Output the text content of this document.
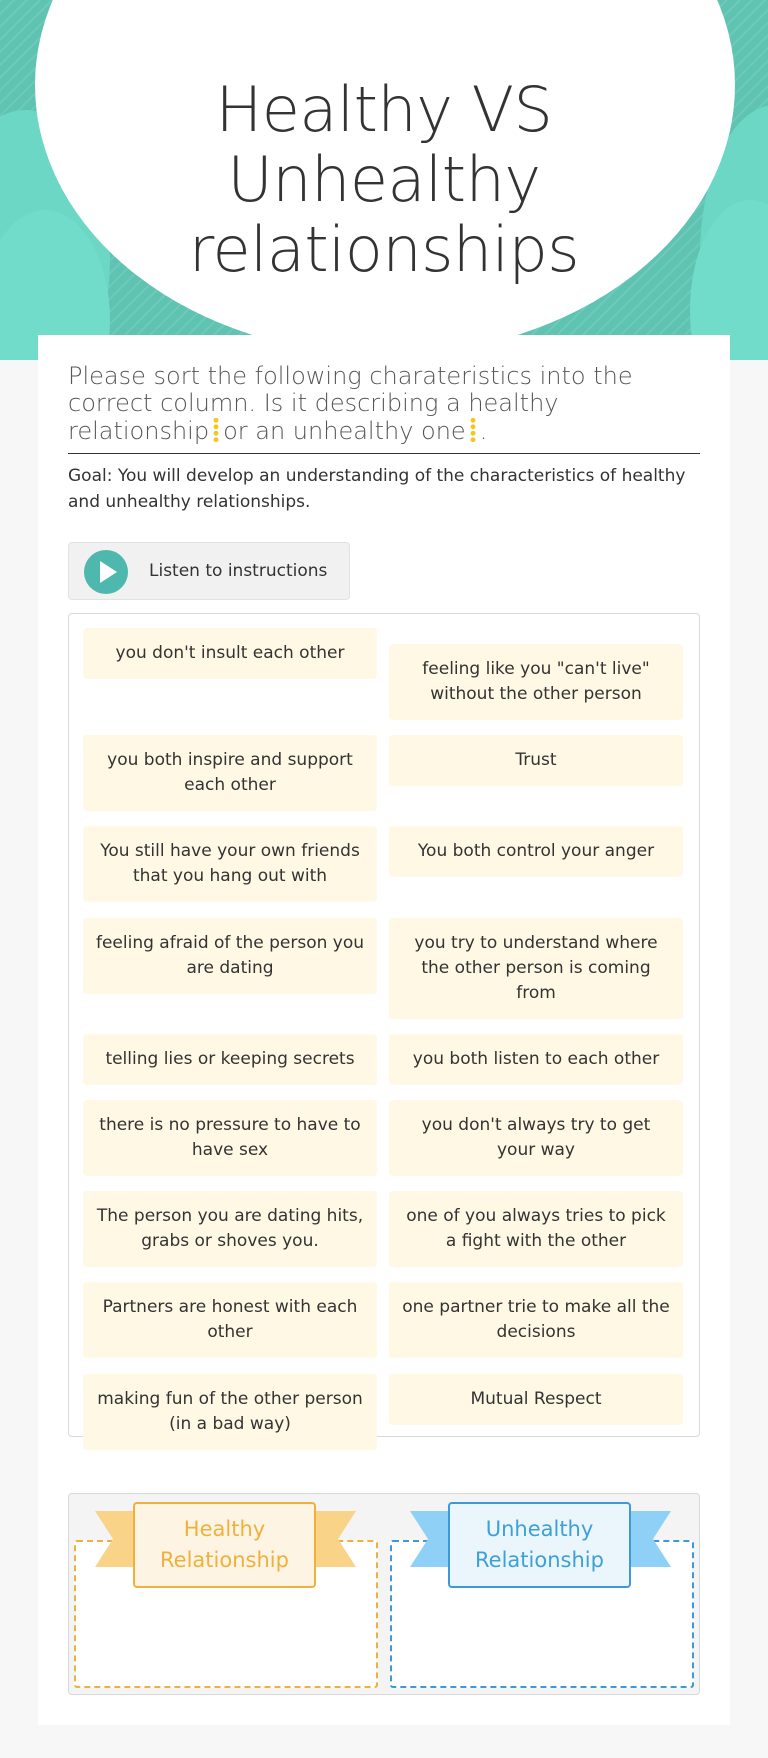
Healthy VS Unhealthy relationships

Please sort the following charateristics into the correct column. Is it describing a healthy relationship or an unhealthy one .

Goal: You will develop an understanding of the characteristics of healthy and unhealthy relationships.

Listen to instructions
you don't insult each other
you both inspire and support each other
You still have your own friends that you hang out with
feeling afraid of the person you are dating
telling lies or keeping secrets
there is no pressure to have to have sex
The person you are dating hits, grabs or shoves you.
Partners are honest with each other
making fun of the other person (in a bad way)
feeling like you "can't live" without the other person
Trust
You both control your anger
you try to understand where the other person is coming from
you both listen to each other
you don't always try to get your way
one of you always tries to pick a fight with the other
one partner trie to make all the decisions
Mutual Respect
Healthy
Relationship
Unhealthy
Relationship
